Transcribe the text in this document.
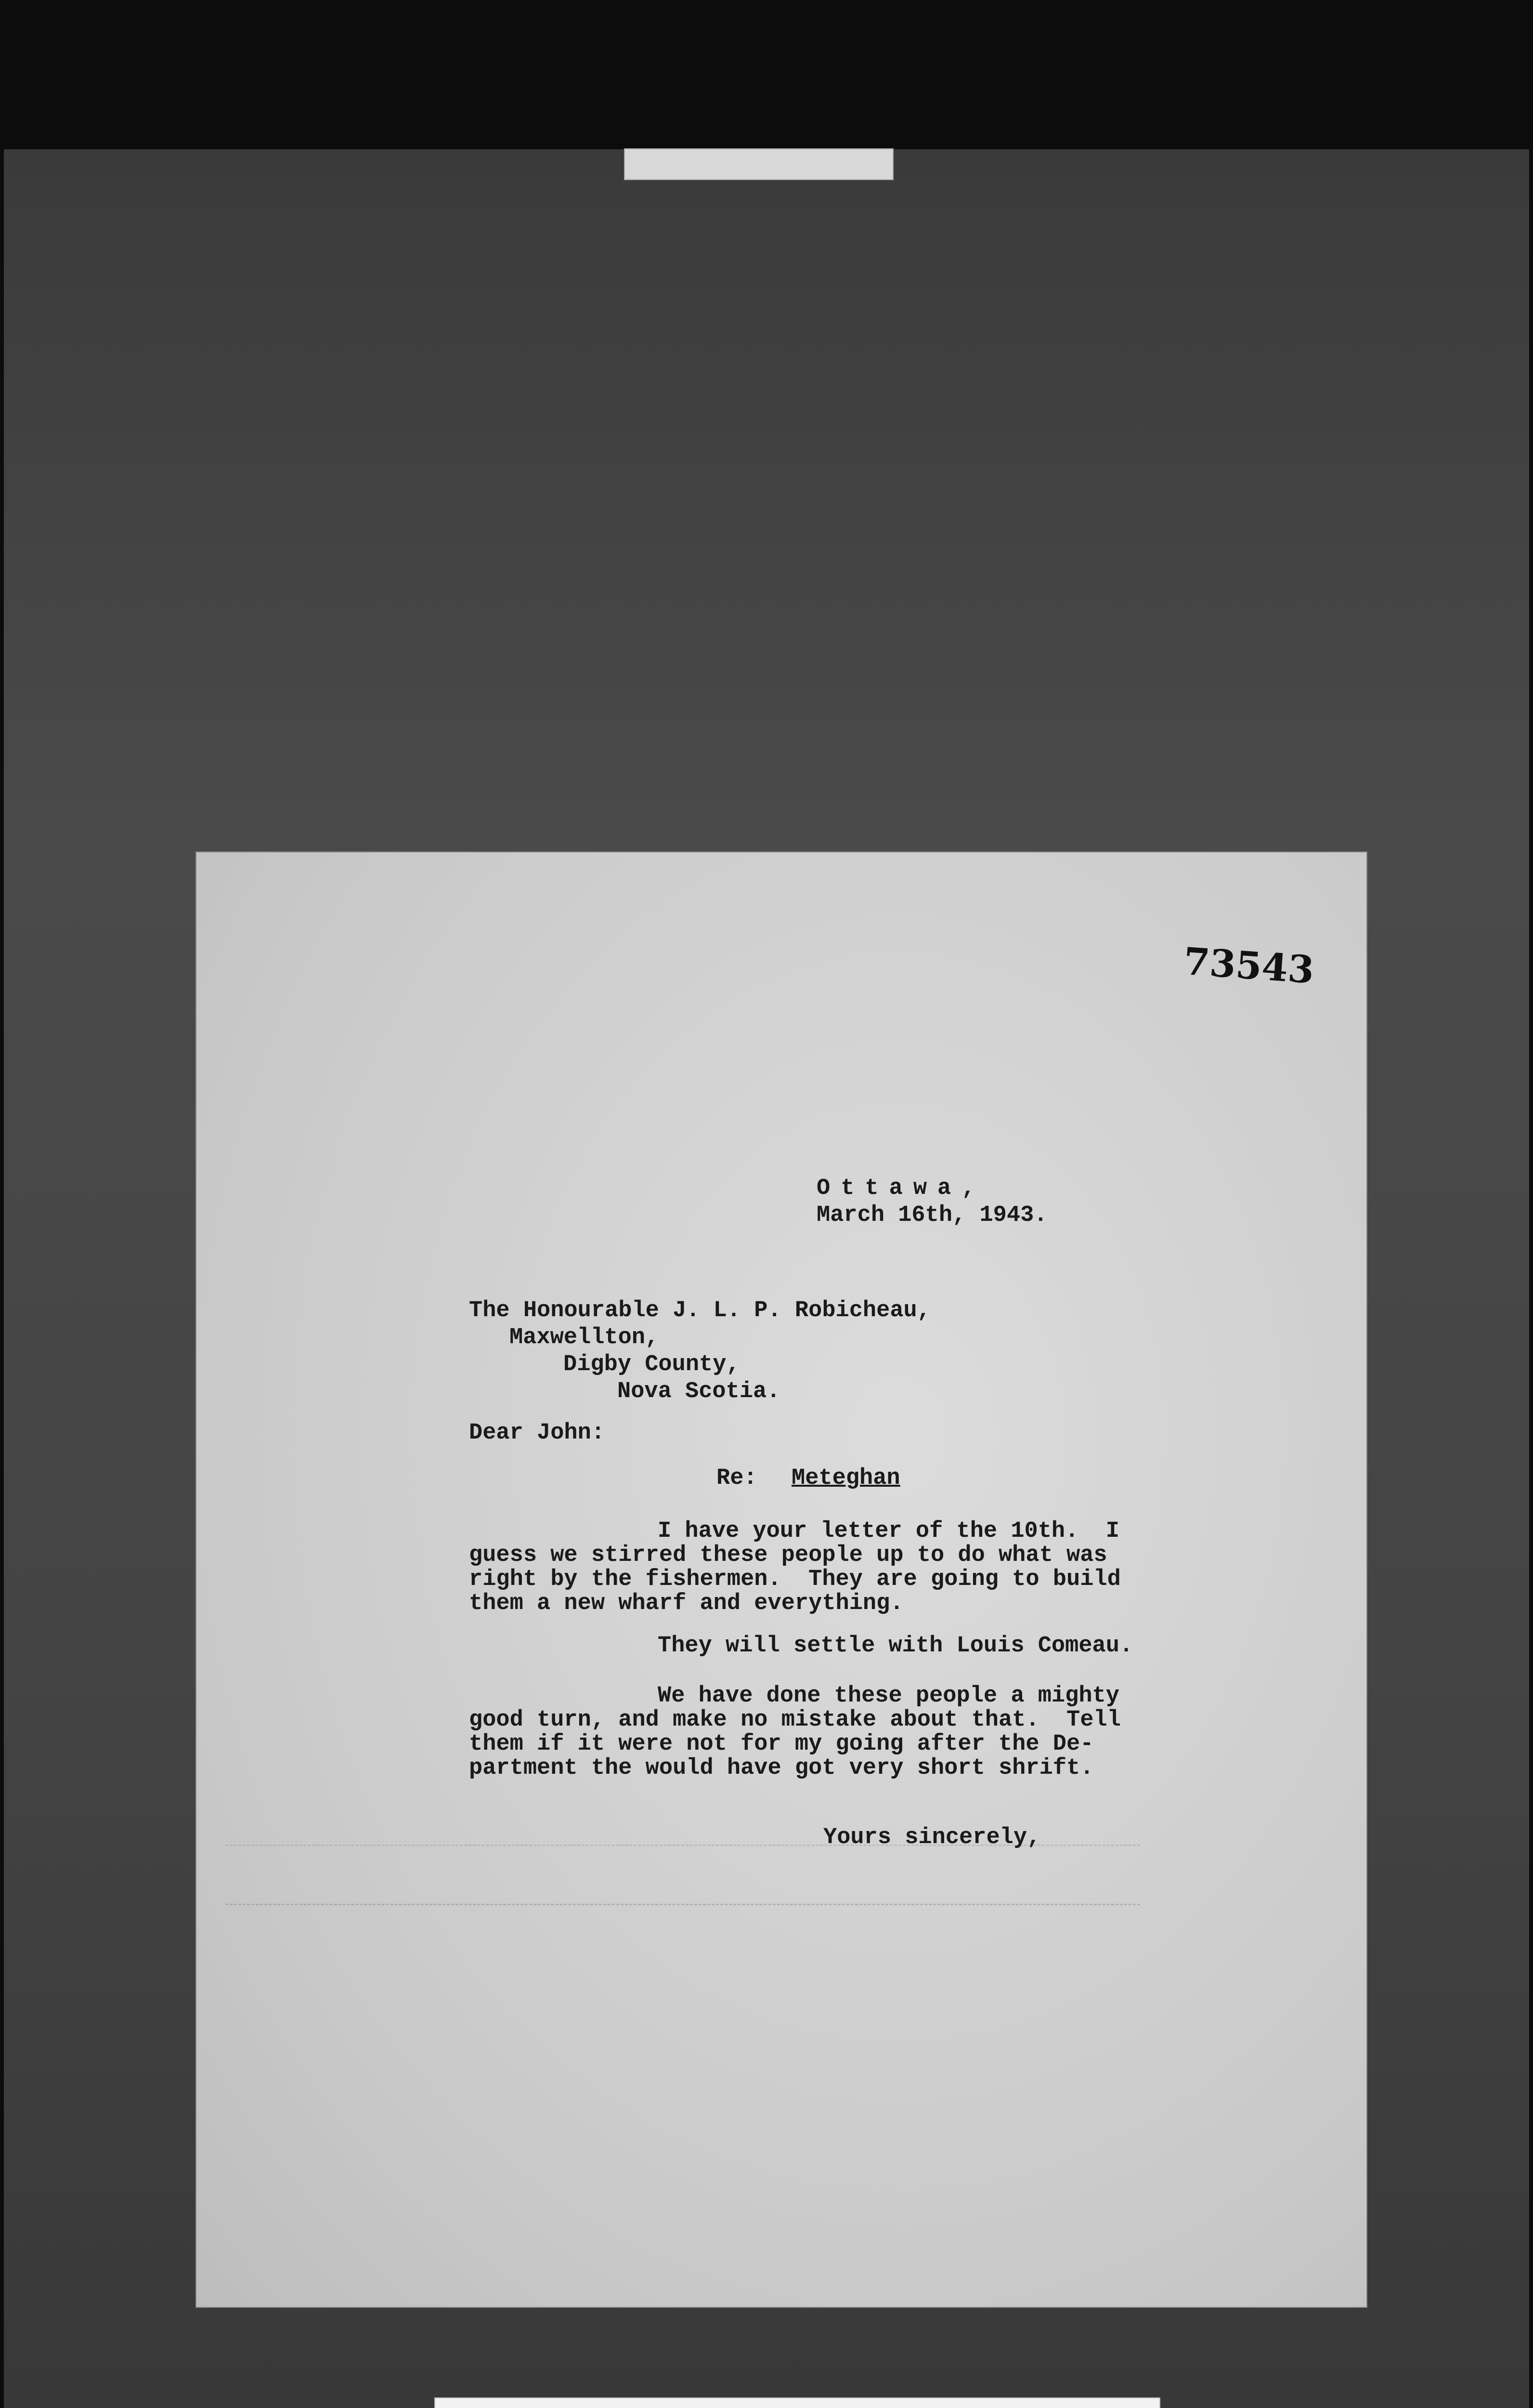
73543
Ottawa,
March 16th, 1943.
The Honourable J. L. P. Robicheau,
Maxwellton,
Digby County,
Nova Scotia.
Dear John:
Re: Meteghan
I have your letter of the 10th.  I
guess we stirred these people up to do what was
right by the fishermen.  They are going to build
them a new wharf and everything.
They will settle with Louis Comeau.
We have done these people a mighty
good turn, and make no mistake about that.  Tell
them if it were not for my going after the De-
partment the would have got very short shrift.
Yours sincerely,
